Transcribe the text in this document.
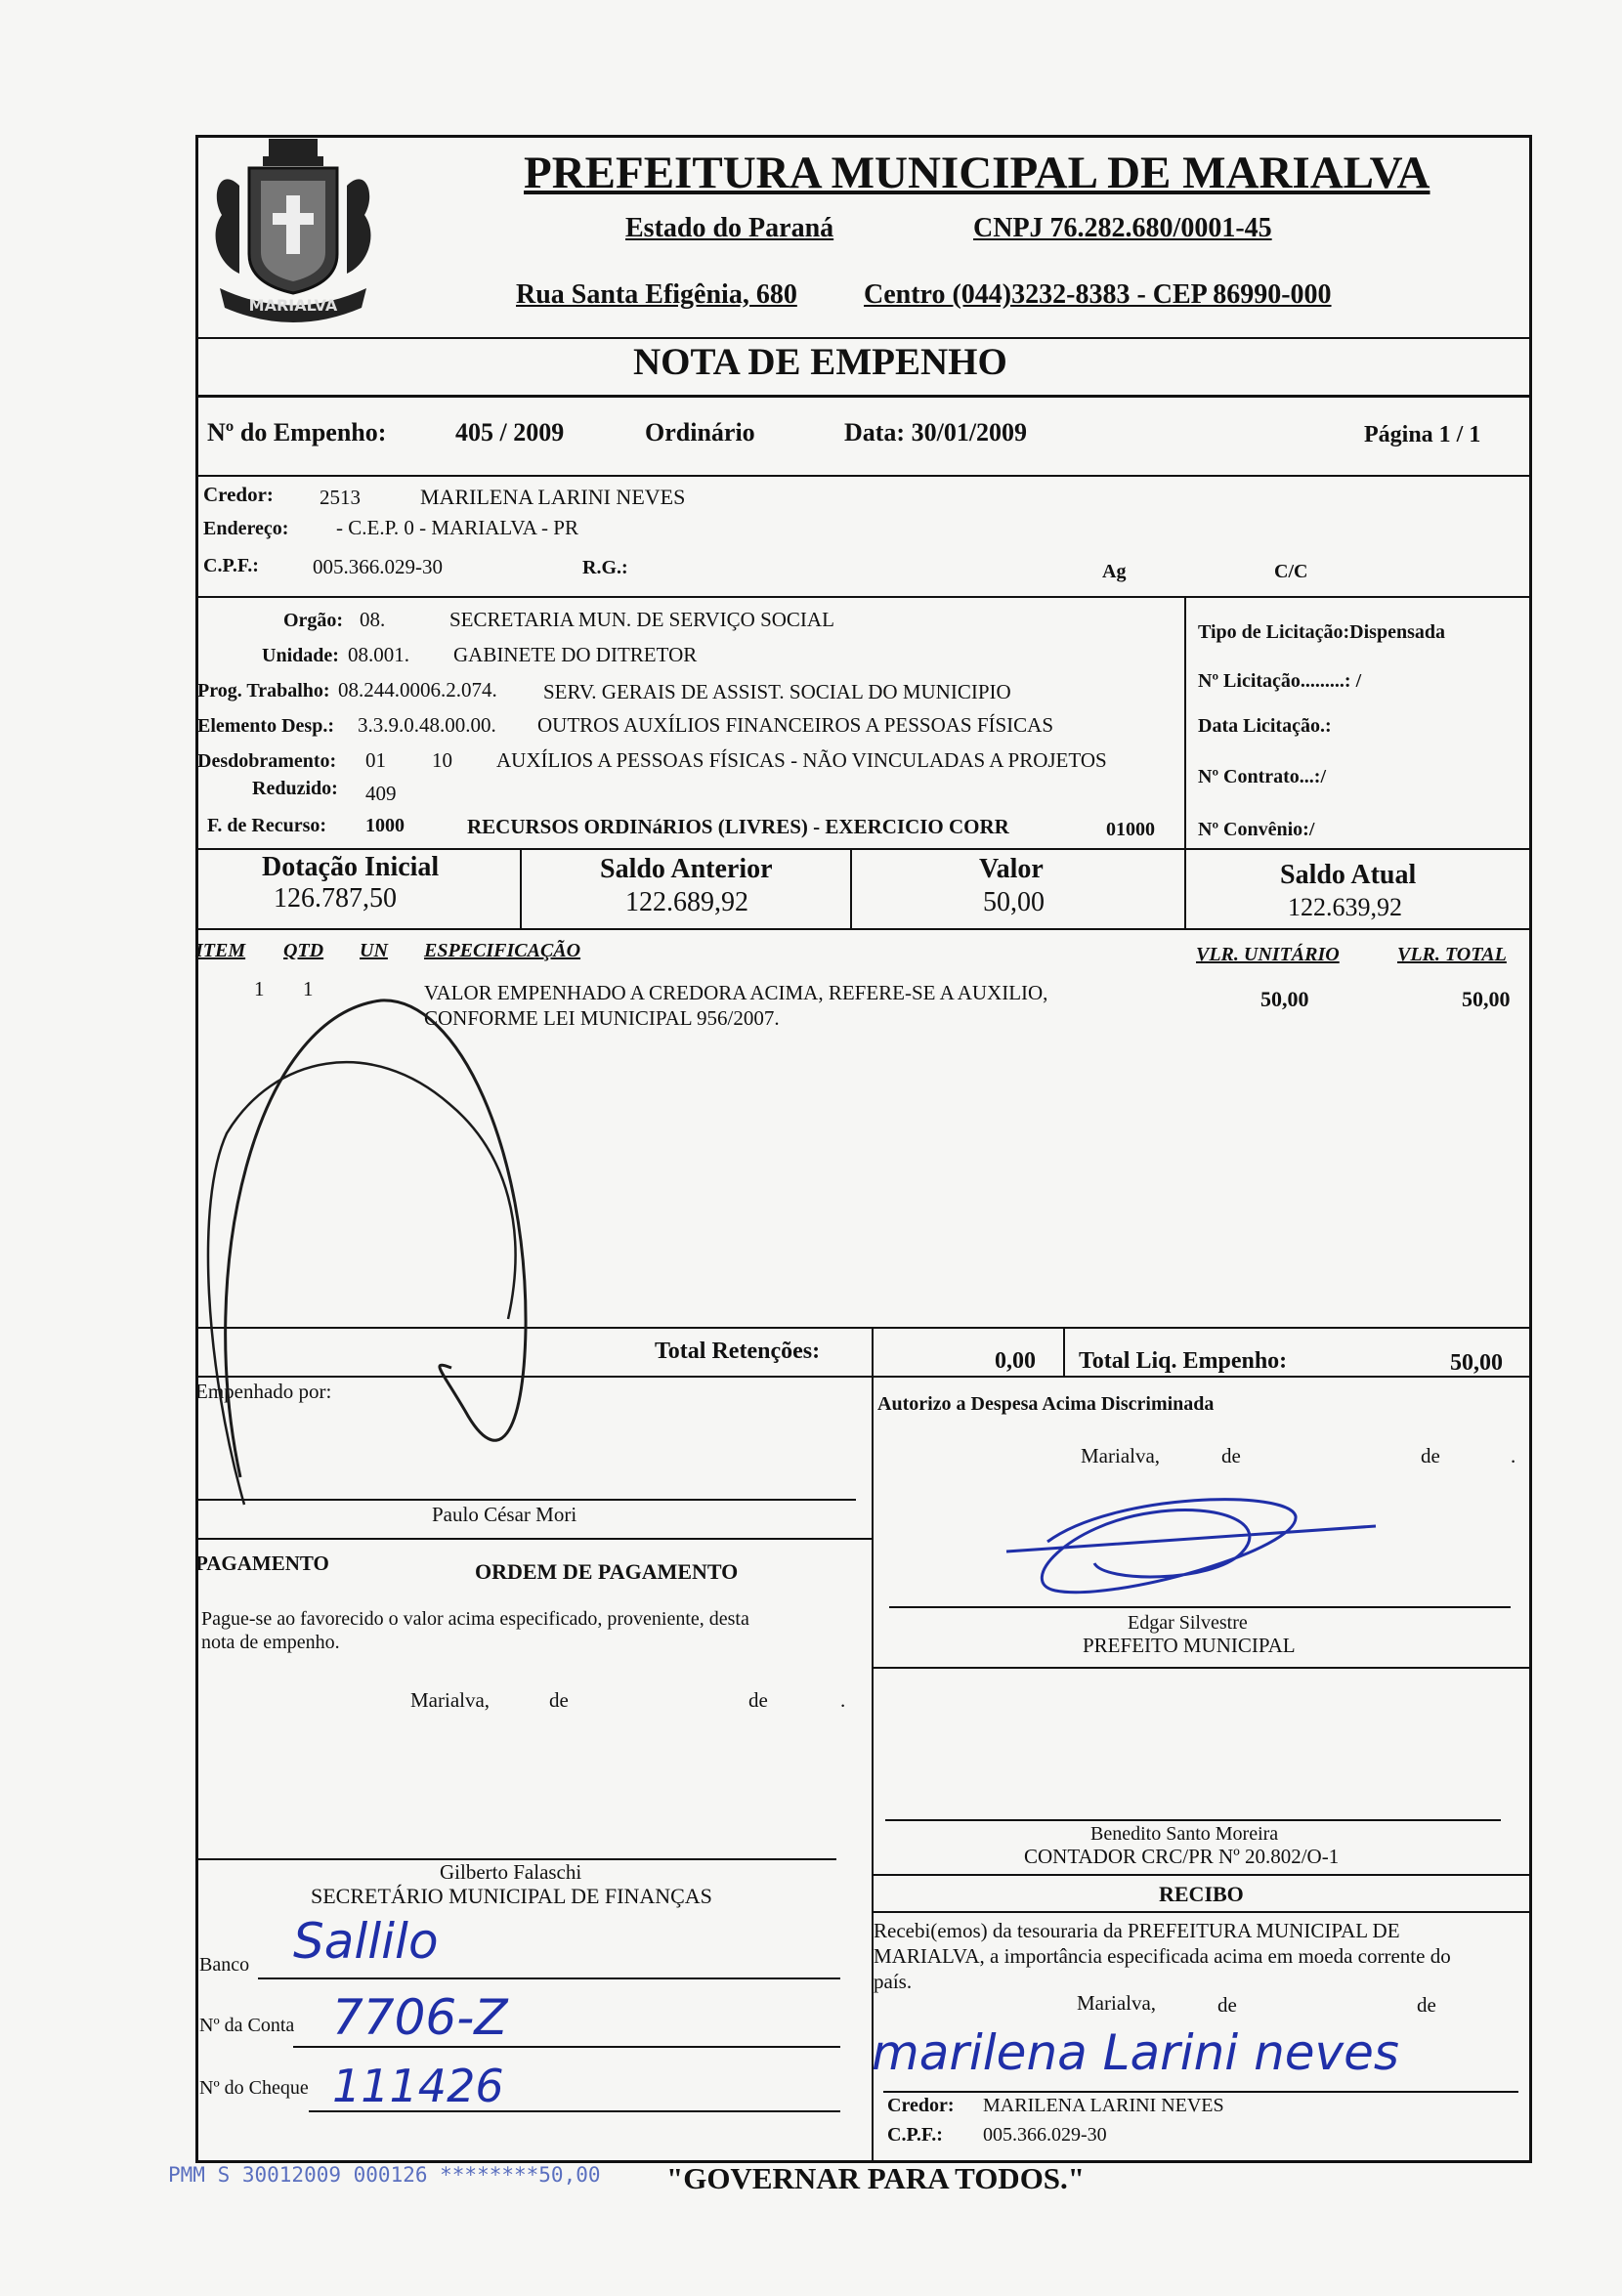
MARIALVA
PREFEITURA MUNICIPAL DE MARIALVA
Estado do Paraná	CNPJ 76.282.680/0001-45
Rua Santa Efigênia, 680 Centro (044)3232-8383 - CEP 86990-000
NOTA DE EMPENHO
Nº do Empenho:	405 / 2009	Ordinário	Data: 30/01/2009	Página 1 / 1
Credor: 2513	MARILENA LARINI NEVES
Endereço: - C.E.P. 0 - MARIALVA - PR
C.P.F.:	005.366.029-30	R.G.:	Ag	C/C
Orgão: 08.	SECRETARIA MUN. DE SERVIÇO SOCIAL
Unidade: 08.001. GABINETE DO DITRETOR
Prog. Trabalho: 08.244.0006.2.074. SERV. GERAIS DE ASSIST. SOCIAL DO MUNICIPIO
Elemento Desp.: 3.3.9.0.48.00.00. OUTROS AUXÍLIOS FINANCEIROS A PESSOAS FÍSICAS
Desdobramento: 01 10 AUXÍLIOS A PESSOAS FÍSICAS - NÃO VINCULADAS A PROJETOS
Reduzido: 409
F. de Recurso: 1000	RECURSOS ORDINáRIOS (LIVRES) - EXERCICIO CORR	01000
Tipo de Licitação:Dispensada
Nº Licitação.........: /
Data Licitação.:
Nº Contrato...:/
Nº Convênio:/
Dotação Inicial
126.787,50
Saldo Anterior
122.689,92
Valor
50,00
Saldo Atual
122.639,92
ITEM QTD UN ESPECIFICAÇÃO	VLR. UNITÁRIO	VLR. TOTAL
1 1	VALOR EMPENHADO A CREDORA ACIMA, REFERE-SE A AUXILIO,
CONFORME LEI MUNICIPAL 956/2007.
50,00	50,00
Total Retenções:	0,00 Total Liq. Empenho:	50,00
Empenhado por:
Paulo César Mori
Autorizo a Despesa Acima Discriminada
Marialva,	de	de	.
Edgar Silvestre
PREFEITO MUNICIPAL
PAGAMENTO	ORDEM DE PAGAMENTO
Pague-se ao favorecido o valor acima especificado, proveniente, desta
nota de empenho.
Marialva,	de	de	.
Gilberto Falaschi
SECRETÁRIO MUNICIPAL DE FINANÇAS
Banco Sallilo
Nº da Conta 7706-Z
Nº do Cheque 111426
Benedito Santo Moreira
CONTADOR CRC/PR Nº 20.802/O-1
RECIBO
Recebi(emos) da tesouraria da PREFEITURA MUNICIPAL DE
MARIALVA, a importância especificada acima em moeda corrente do
país.
Marialva,	de	de
marilena Larini neves
Credor: MARILENA LARINI NEVES
C.P.F.: 005.366.029-30
PMM S 30012009 000126 ********50,00 "GOVERNAR PARA TODOS."
